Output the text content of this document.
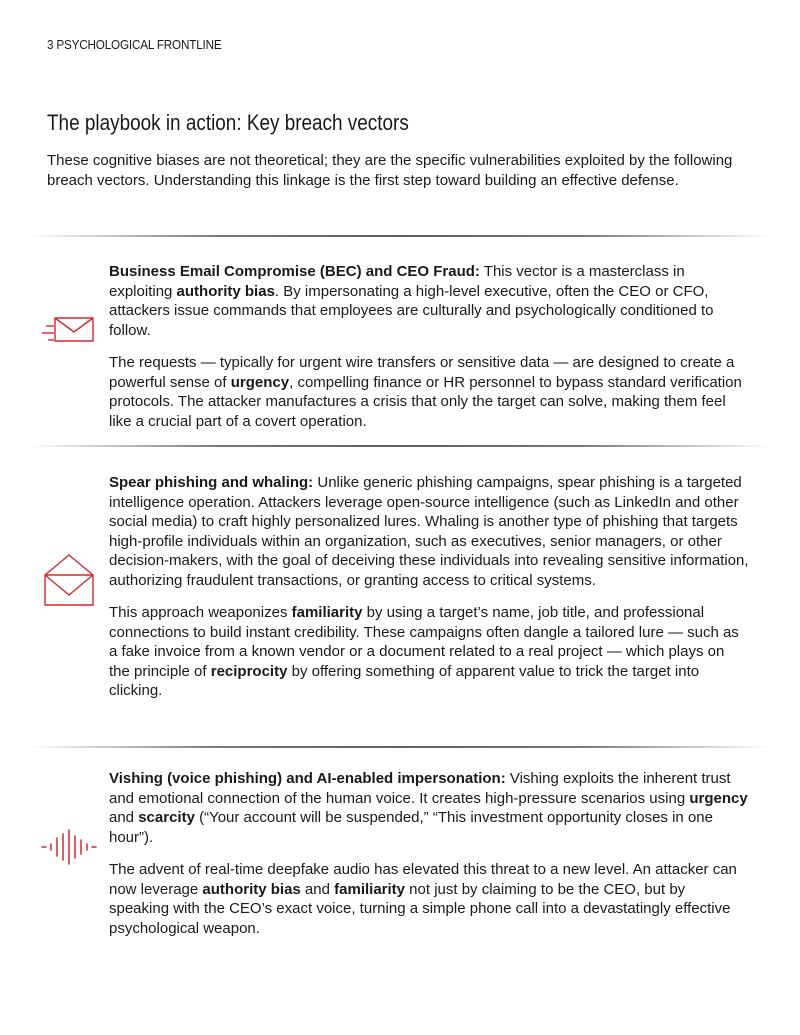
3 PSYCHOLOGICAL FRONTLINE
The playbook in action: Key breach vectors

These cognitive biases are not theoretical; they are the specific vulnerabilities exploited by the following breach vectors. Understanding this linkage is the first step toward building an effective defense.

Business Email Compromise (BEC) and CEO Fraud: This vector is a masterclass in exploiting authority bias. By impersonating a high-level executive, often the CEO or CFO, attackers issue commands that employees are culturally and psychologically conditioned to follow.

The requests — typically for urgent wire transfers or sensitive data — are designed to create a powerful sense of urgency, compelling finance or HR personnel to bypass standard verification protocols. The attacker manufactures a crisis that only the target can solve, making them feel like a crucial part of a covert operation.

Spear phishing and whaling: Unlike generic phishing campaigns, spear phishing is a targeted intelligence operation. Attackers leverage open-source intelligence (such as LinkedIn and other social media) to craft highly personalized lures. Whaling is another type of phishing that targets high-profile individuals within an organization, such as executives, senior managers, or other decision-makers, with the goal of deceiving these individuals into revealing sensitive information, authorizing fraudulent transactions, or granting access to critical systems.

This approach weaponizes familiarity by using a target’s name, job title, and professional connections to build instant credibility. These campaigns often dangle a tailored lure — such as a fake invoice from a known vendor or a document related to a real project — which plays on the principle of reciprocity by offering something of apparent value to trick the target into clicking.

Vishing (voice phishing) and AI-enabled impersonation: Vishing exploits the inherent trust and emotional connection of the human voice. It creates high-pressure scenarios using urgency and scarcity (“Your account will be suspended,” “This investment opportunity closes in one hour”).

The advent of real-time deepfake audio has elevated this threat to a new level. An attacker can now leverage authority bias and familiarity not just by claiming to be the CEO, but by speaking with the CEO’s exact voice, turning a simple phone call into a devastatingly effective psychological weapon.
